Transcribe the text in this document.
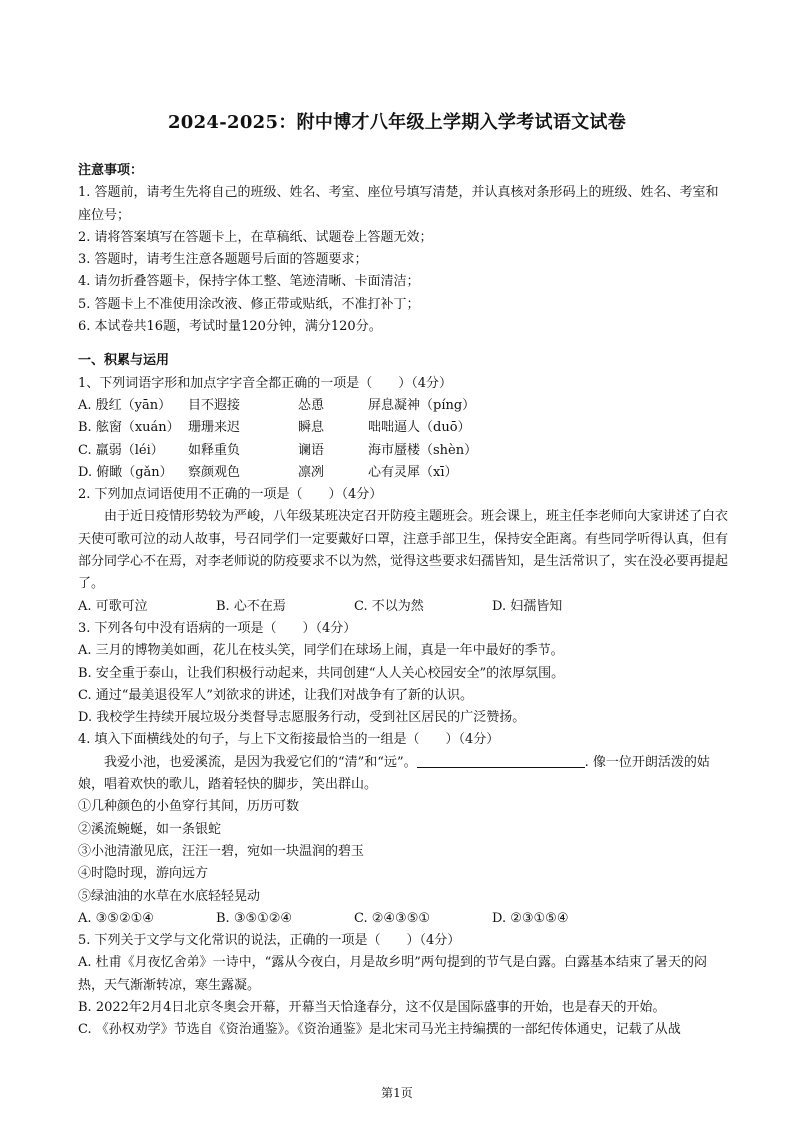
2024-2025：附中博才八年级上学期入学考试语文试卷
注意事项：
1. 答题前，请考生先将自己的班级、姓名、考室、座位号填写清楚，并认真核对条形码上的班级、姓名、考室和座位号；
2. 请将答案填写在答题卡上，在草稿纸、试题卷上答题无效；
3. 答题时，请考生注意各题题号后面的答题要求；
4. 请勿折叠答题卡，保持字体工整、笔迹清晰、卡面清洁；
5. 答题卡上不准使用涂改液、修正带或贴纸，不准打补丁；
6. 本试卷共16题，考试时量120分钟，满分120分。
一、积累与运用
1、下列词语字形和加点字字音全都正确的一项是（　　）（4分）
A. 殷红（yān）	目不遐接	怂恿	屏息凝神（píng）
B. 舷窗（xuán） 珊珊来迟	瞬息	咄咄逼人（duō）
C. 羸弱（léi）	如释重负	谰语	海市蜃楼（shèn）
D. 俯瞰（gǎn）	察颜观色	凛冽	心有灵犀（xī）
2. 下列加点词语使用不正确的一项是（　　）（4分）
由于近日疫情形势较为严峻，八年级某班决定召开防疫主题班会。班会课上，班主任李老师向大家讲述了白衣天使可歌可泣的动人故事，号召同学们一定要戴好口罩，注意手部卫生，保持安全距离。有些同学听得认真，但有部分同学心不在焉，对李老师说的防疫要求不以为然，觉得这些要求妇孺皆知，是生活常识了，实在没必要再提起了。
A. 可歌可泣	B. 心不在焉	C. 不以为然	D. 妇孺皆知
3. 下列各句中没有语病的一项是（　　）（4分）
A. 三月的博物美如画，花儿在枝头笑，同学们在球场上闹，真是一年中最好的季节。
B. 安全重于泰山，让我们积极行动起来，共同创建“人人关心校园安全”的浓厚氛围。
C. 通过“最美退役军人”刘欲求的讲述，让我们对战争有了新的认识。
D. 我校学生持续开展垃圾分类督导志愿服务行动，受到社区居民的广泛赞扬。
4. 填入下面横线处的句子，与上下文衔接最恰当的一组是（　　）（4分）
我爱小池，也爱溪流，是因为我爱它们的“清”和“远”。	. 像一位开朗活泼的姑娘，唱着欢快的歌儿，踏着轻快的脚步，笑出群山。
①几种颜色的小鱼穿行其间，历历可数
②溪流蜿蜒，如一条银蛇
③小池清澈见底，汪汪一碧，宛如一块温润的碧玉
④时隐时现，游向远方
⑤绿油油的水草在水底轻轻晃动
A. ③⑤②①④	B. ③⑤①②④	C. ②④③⑤①	D. ②③①⑤④
5. 下列关于文学与文化常识的说法，正确的一项是（　　）（4分）
A. 杜甫《月夜忆舍弟》一诗中，“露从今夜白，月是故乡明”两句提到的节气是白露。白露基本结束了暑天的闷热，天气渐渐转凉，寒生露凝。
B. 2022年2月4日北京冬奥会开幕，开幕当天恰逢春分，这不仅是国际盛事的开始，也是春天的开始。
C. 《孙权劝学》节选自《资治通鉴》。《资治通鉴》是北宋司马光主持编撰的一部纪传体通史，记载了从战
第1页
